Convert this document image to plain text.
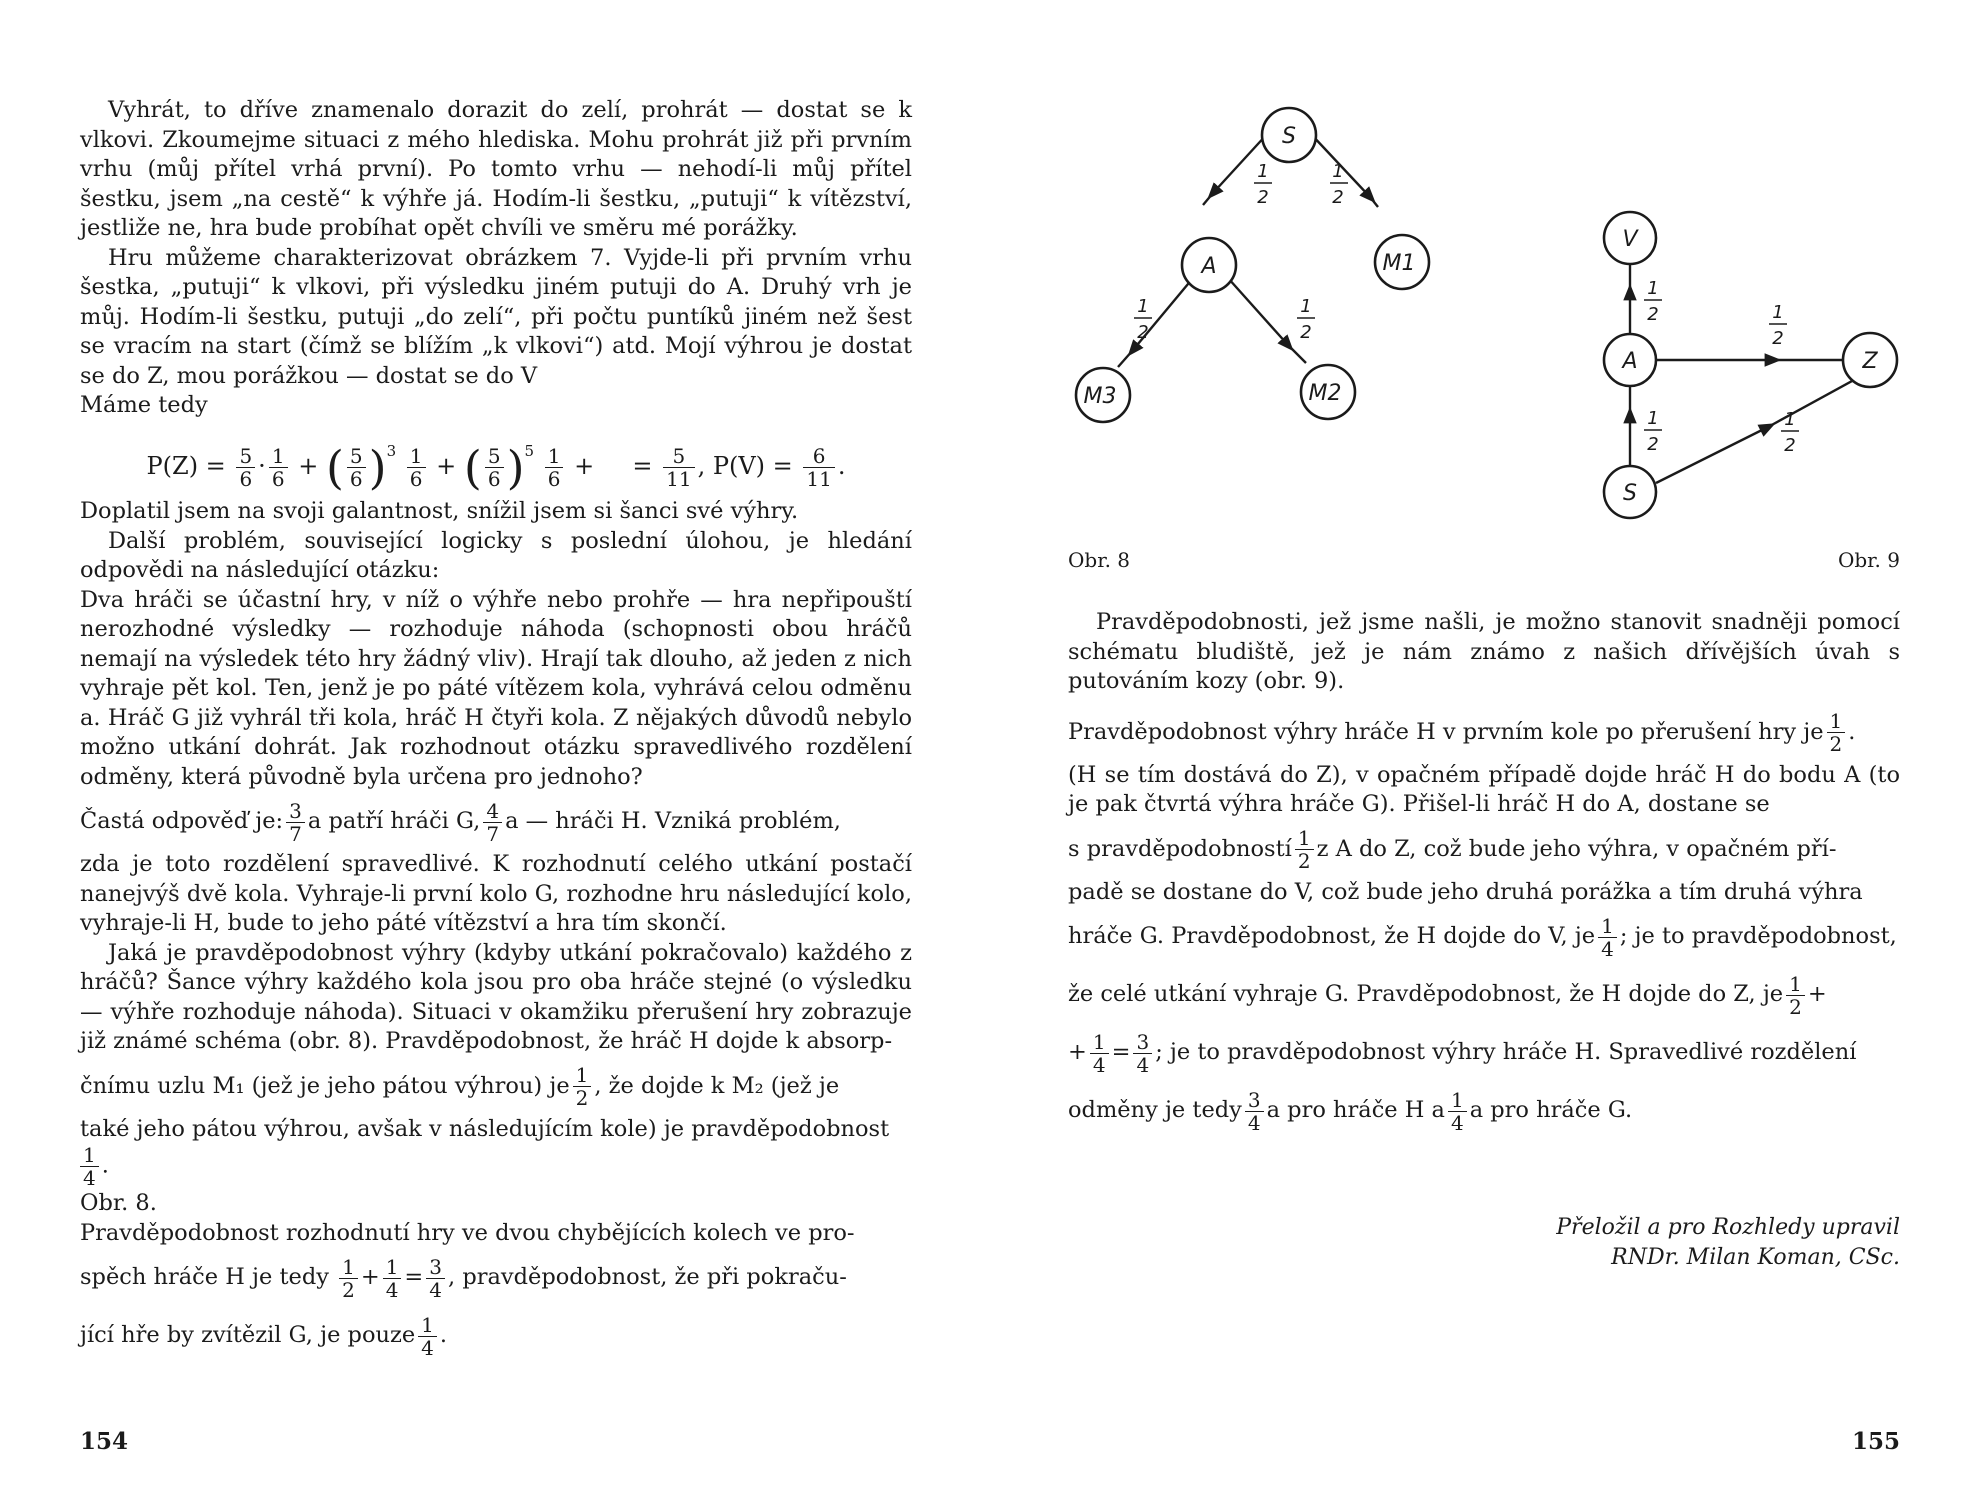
Vyhrát, to dříve znamenalo dorazit do zelí, prohrát — dostat se k vlkovi. Zkoumejme situaci z mého hlediska. Mohu prohrát již při prvním vrhu (můj přítel vrhá první). Po tomto vrhu — nehodí-li můj přítel šestku, jsem „na cestě“ k výhře já. Hodím-li šestku, „putuji“ k vítězství, jestliže ne, hra bude probíhat opět chvíli ve směru mé porážky.

Hru můžeme charakterizovat obrázkem 7. Vyjde-li při prvním vrhu šestka, „putuji“ k vlkovi, při výsledku jiném putuji do A. Druhý vrh je můj. Hodím-li šestku, putuji „do zelí“, při počtu puntíků jiném než šest se vracím na start (čímž se blížím „k vlkovi“) atd. Mojí výhrou je dostat se do Z, mou porážkou — dostat se do V

Máme tedy

$P(Z) = \frac{5}{6} \cdot \frac{1}{6}$ + ( $\frac{5}{6} )^3 \frac{1}{6}$ + ( $\frac{5}{6} )^5 \frac{1}{6}$ + = $\frac{5}{11}$ , $P(V) = \frac{6}{11}$ .

Doplatil jsem na svoji galantnost, snížil jsem si šanci své výhry.

Další problém, související logicky s poslední úlohou, je hledání odpovědi na následující otázku:

Dva hráči se účastní hry, v níž o výhře nebo prohře — hra nepřipouští nerozhodné výsledky — rozhoduje náhoda (schopnosti obou hráčů nemají na výsledek této hry žádný vliv). Hrají tak dlouho, až jeden z nich vyhraje pět kol. Ten, jenž je po páté vítězem kola, vyhrává celou odměnu a. Hráč G již vyhrál tři kola, hráč H čtyři kola. Z nějakých důvodů nebylo možno utkání dohrát. Jak rozhodnout otázku spravedlivého rozdělení odměny, která původně byla určena pro jednoho?

Častá odpověď je: $\frac{3}{7}$ a patří hráči G, $\frac{4}{7}$ a — hráči H. Vzniká problém,

zda je toto rozdělení spravedlivé. K rozhodnutí celého utkání postačí nanejvýš dvě kola. Vyhraje-li první kolo G, rozhodne hru následující kolo, vyhraje-li H, bude to jeho páté vítězství a hra tím skončí.

Jaká je pravděpodobnost výhry (kdyby utkání pokračovalo) každého z hráčů? Šance výhry každého kola jsou pro oba hráče stejné (o výsledku — výhře rozhoduje náhoda). Situaci v okamžiku přerušení hry zobrazuje již známé schéma (obr. 8). Pravděpodobnost, že hráč H dojde k absorp-

čnímu uzlu M₁ (jež je jeho pátou výhrou) je $\frac{1}{2}$ , že dojde k M₂ (jež je

také jeho pátou výhrou, avšak v následujícím kole) je pravděpodobnost

$\frac{1}{4}$ .

Obr. 8.

Pravděpodobnost rozhodnutí hry ve dvou chybějících kolech ve pro-

spěch hráče H je tedy $\frac{1}{2} + \frac{1}{4} = \frac{3}{4}$ , pravděpodobnost, že při pokraču-

jící hře by zvítězil G, je pouze $\frac{1}{4}$ .

154
S
A	M1
M3	M2
1
2
1
2
1
2
1
2
V
A	Z
S
1
2
1
2
1
2
1
2
Obr. 8	Obr. 9

Pravděpodobnosti, jež jsme našli, je možno stanovit snadněji pomocí schématu bludiště, jež je nám známo z našich dřívějších úvah s putováním kozy (obr. 9).

Pravděpodobnost výhry hráče H v prvním kole po přerušení hry je $\frac{1}{2}$ .

(H se tím dostává do Z), v opačném případě dojde hráč H do bodu A (to je pak čtvrtá výhra hráče G). Přišel-li hráč H do A, dostane se

s pravděpodobností $\frac{1}{2}$ z A do Z, což bude jeho výhra, v opačném pří-

padě se dostane do V, což bude jeho druhá porážka a tím druhá výhra

hráče G. Pravděpodobnost, že H dojde do V, je $\frac{1}{4}$ ; je to pravděpodobnost,

že celé utkání vyhraje G. Pravděpodobnost, že H dojde do Z, je $\frac{1}{2}$ +

+ $\frac{1}{4} = \frac{3}{4}$ ; je to pravděpodobnost výhry hráče H. Spravedlivé rozdělení

odměny je tedy $\frac{3}{4}$ a pro hráče H a $\frac{1}{4}$ a pro hráče G.

Přeložil a pro Rozhledy upravil
RNDr. Milan Koman, CSc.
155
